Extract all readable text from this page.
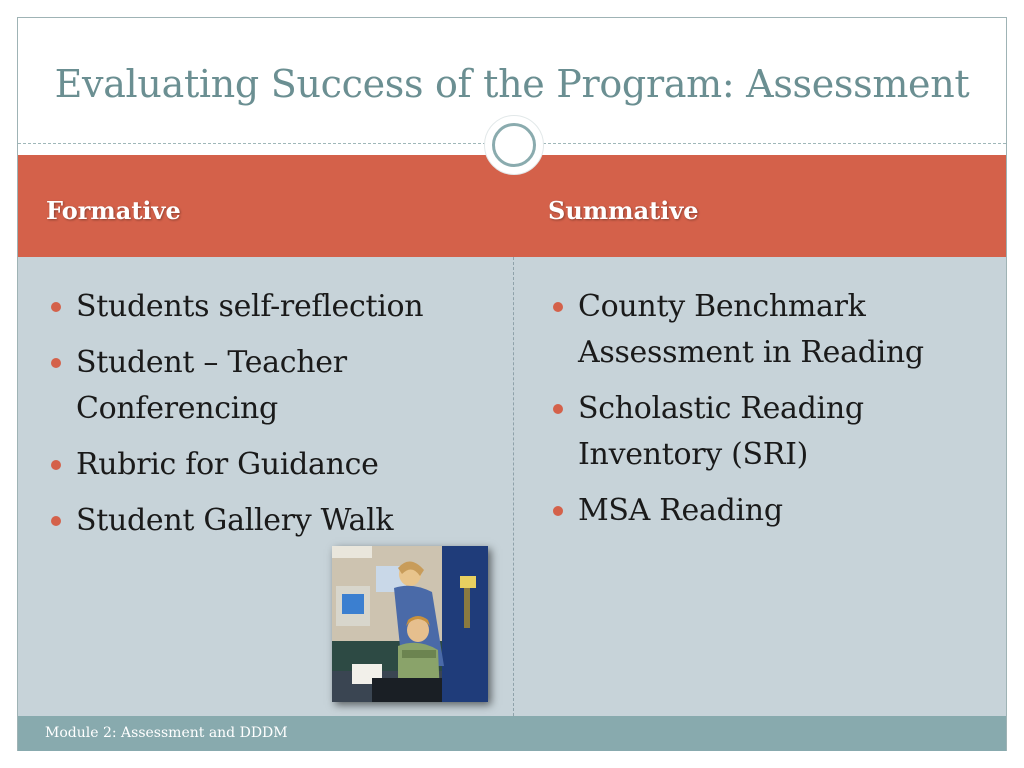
Evaluating Success of the Program: Assessment
Formative	Summative
Students self-reflection
Student – Teacher Conferencing
Rubric for Guidance
Student Gallery Walk
County Benchmark Assessment in Reading
Scholastic Reading Inventory (SRI)
MSA Reading
Module 2: Assessment and DDDM
